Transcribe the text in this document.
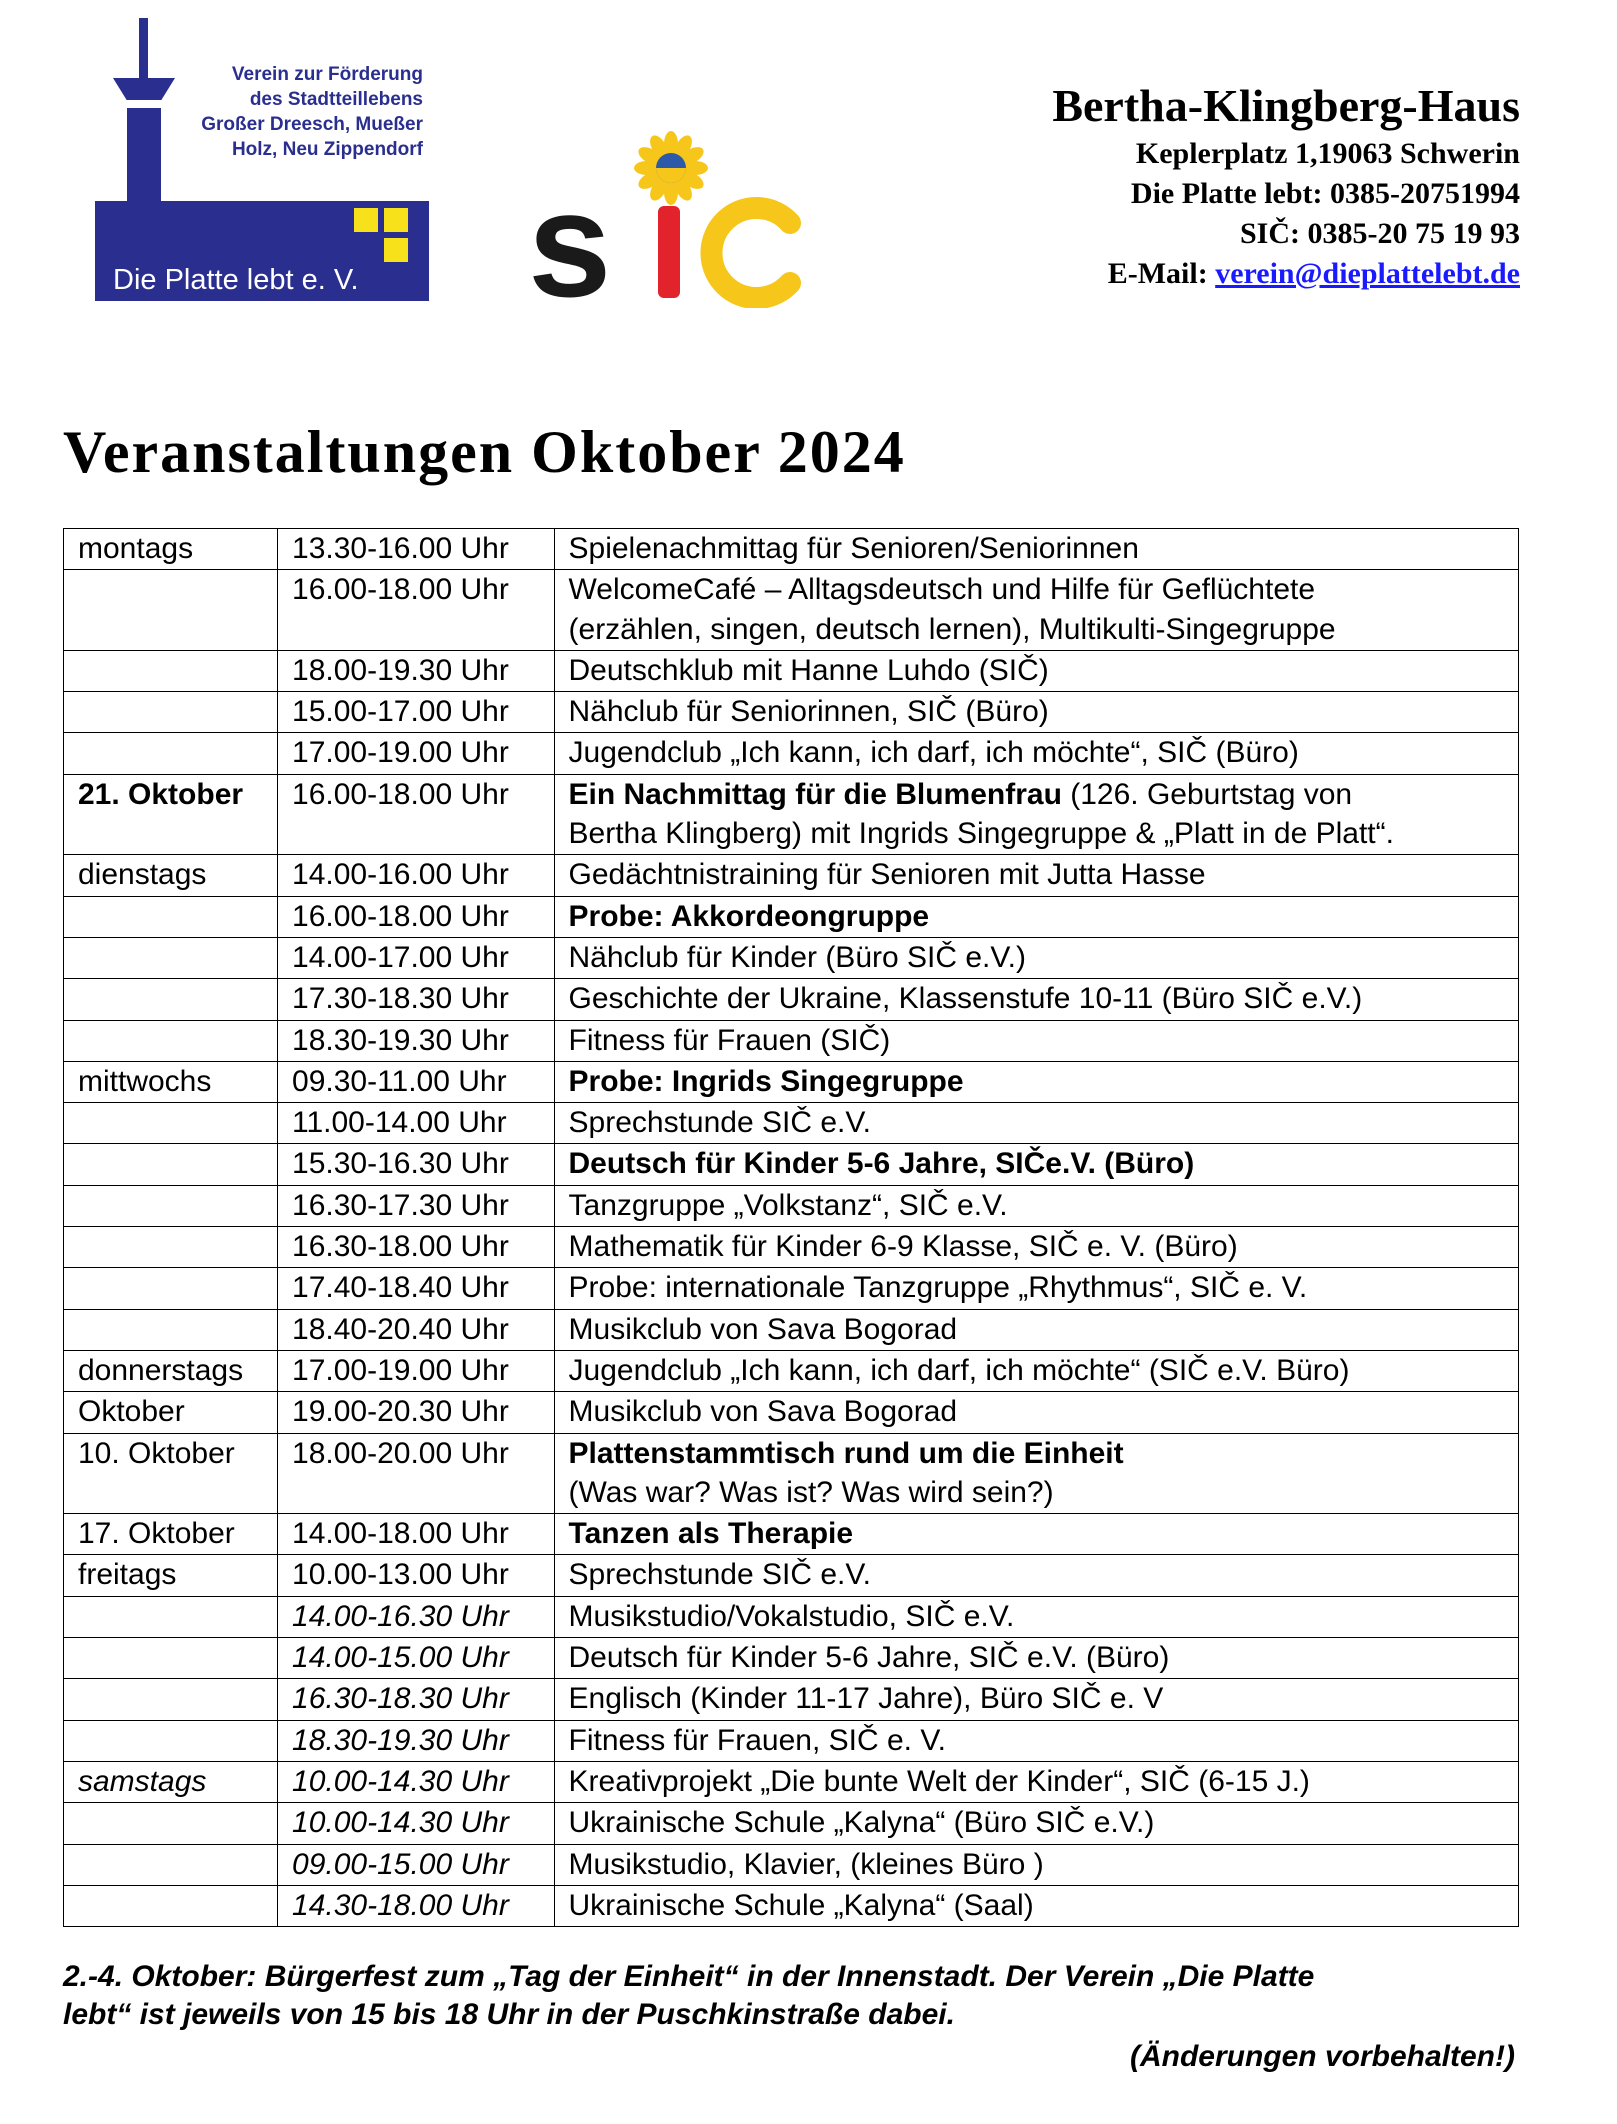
Verein zur Förderung
des Stadtteillebens
Großer Dreesch, Mueßer
Holz, Neu Zippendorf
Die Platte lebt e. V. s
Bertha-Klingberg-Haus
Keplerplatz 1,19063 Schwerin
Die Platte lebt: 0385-20751994
SIČ: 0385-20 75 19 93
E-Mail: verein@dieplattelebt.de
Veranstaltungen Oktober 2024
montags	13.30-16.00 Uhr	Spielenachmittag für Senioren/Seniorinnen
	16.00-18.00 Uhr	WelcomeCafé – Alltagsdeutsch und Hilfe für Geflüchtete
(erzählen, singen, deutsch lernen), Multikulti-Singegruppe

	18.00-19.30 Uhr	Deutschklub mit Hanne Luhdo (SIČ)
	15.00-17.00 Uhr	Nähclub für Seniorinnen, SIČ (Büro)
	17.00-19.00 Uhr	Jugendclub „Ich kann, ich darf, ich möchte“, SIČ (Büro)
21. Oktober	16.00-18.00 Uhr	Ein Nachmittag für die Blumenfrau (126. Geburtstag von
Bertha Klingberg) mit Ingrids Singegruppe & „Platt in de Platt“.

dienstags	14.00-16.00 Uhr	Gedächtnistraining für Senioren mit Jutta Hasse
	16.00-18.00 Uhr	Probe: Akkordeongruppe
	14.00-17.00 Uhr	Nähclub für Kinder (Büro SIČ e.V.)
	17.30-18.30 Uhr	Geschichte der Ukraine, Klassenstufe 10-11 (Büro SIČ e.V.)
	18.30-19.30 Uhr	Fitness für Frauen (SIČ)
mittwochs	09.30-11.00 Uhr	Probe: Ingrids Singegruppe
	11.00-14.00 Uhr	Sprechstunde SIČ e.V.
	15.30-16.30 Uhr	Deutsch für Kinder 5-6 Jahre, SIČe.V. (Büro)
	16.30-17.30 Uhr	Tanzgruppe „Volkstanz“, SIČ e.V.
	16.30-18.00 Uhr	Mathematik für Kinder 6-9 Klasse, SIČ e. V. (Büro)
	17.40-18.40 Uhr	Probe: internationale Tanzgruppe „Rhythmus“, SIČ e. V.
	18.40-20.40 Uhr	Musikclub von Sava Bogorad
donnerstags	17.00-19.00 Uhr	Jugendclub „Ich kann, ich darf, ich möchte“ (SIČ e.V. Büro)
Oktober	19.00-20.30 Uhr	Musikclub von Sava Bogorad
10. Oktober	18.00-20.00 Uhr	Plattenstammtisch rund um die Einheit
(Was war? Was ist? Was wird sein?)

17. Oktober	14.00-18.00 Uhr	Tanzen als Therapie
freitags	10.00-13.00 Uhr	Sprechstunde SIČ e.V.
	14.00-16.30 Uhr	Musikstudio/Vokalstudio, SIČ e.V.
	14.00-15.00 Uhr	Deutsch für Kinder 5-6 Jahre, SIČ e.V. (Büro)
	16.30-18.30 Uhr	Englisch (Kinder 11-17 Jahre), Büro SIČ e. V
	18.30-19.30 Uhr	Fitness für Frauen, SIČ e. V.
samstags	10.00-14.30 Uhr	Kreativprojekt „Die bunte Welt der Kinder“, SIČ (6-15 J.)
	10.00-14.30 Uhr	Ukrainische Schule „Kalyna“ (Büro SIČ e.V.)
	09.00-15.00 Uhr	Musikstudio, Klavier, (kleines Büro )
	14.30-18.00 Uhr	Ukrainische Schule „Kalyna“ (Saal)
2.-4. Oktober: Bürgerfest zum „Tag der Einheit“ in der Innenstadt. Der Verein „Die Platte
lebt“ ist jeweils von 15 bis 18 Uhr in der Puschkinstraße dabei.
(Änderungen vorbehalten!)
